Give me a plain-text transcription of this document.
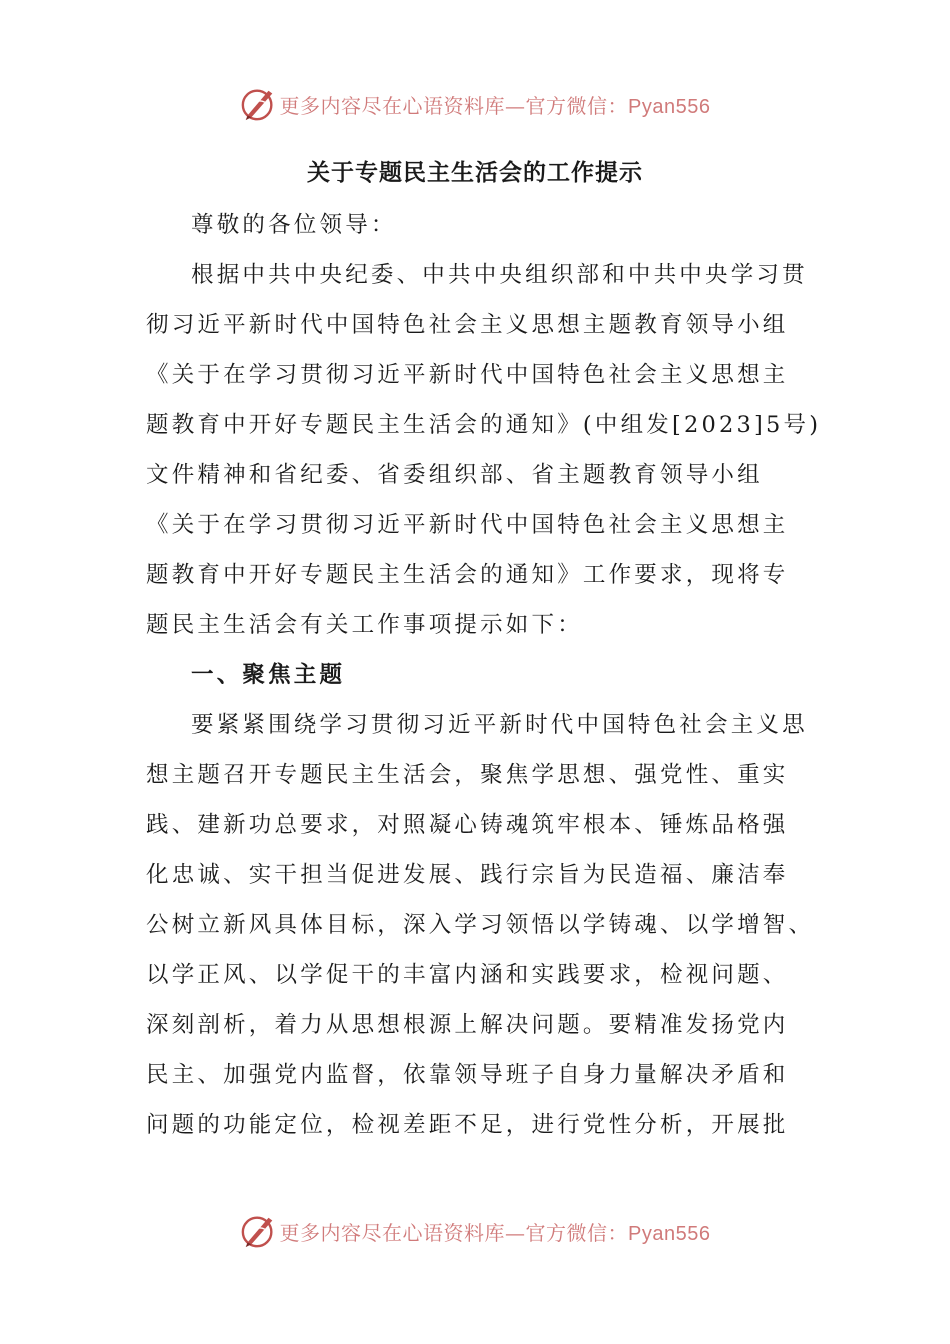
更多内容尽在心语资料库—官方微信：Pyan556
关于专题民主生活会的工作提示

尊敬的各位领导：

根据中共中央纪委、中共中央组织部和中共中央学习贯
彻习近平新时代中国特色社会主义思想主题教育领导小组
《关于在学习贯彻习近平新时代中国特色社会主义思想主
题教育中开好专题民主生活会的通知》(中组发[2023]5号)
文件精神和省纪委、省委组织部、省主题教育领导小组
《关于在学习贯彻习近平新时代中国特色社会主义思想主
题教育中开好专题民主生活会的通知》工作要求，现将专
题民主生活会有关工作事项提示如下：

一、聚焦主题

要紧紧围绕学习贯彻习近平新时代中国特色社会主义思
想主题召开专题民主生活会，聚焦学思想、强党性、重实
践、建新功总要求，对照凝心铸魂筑牢根本、锤炼品格强
化忠诚、实干担当促进发展、践行宗旨为民造福、廉洁奉
公树立新风具体目标，深入学习领悟以学铸魂、以学增智、
以学正风、以学促干的丰富内涵和实践要求，检视问题、
深刻剖析，着力从思想根源上解决问题。要精准发扬党内
民主、加强党内监督，依靠领导班子自身力量解决矛盾和
问题的功能定位，检视差距不足，进行党性分析，开展批

更多内容尽在心语资料库—官方微信：Pyan556
